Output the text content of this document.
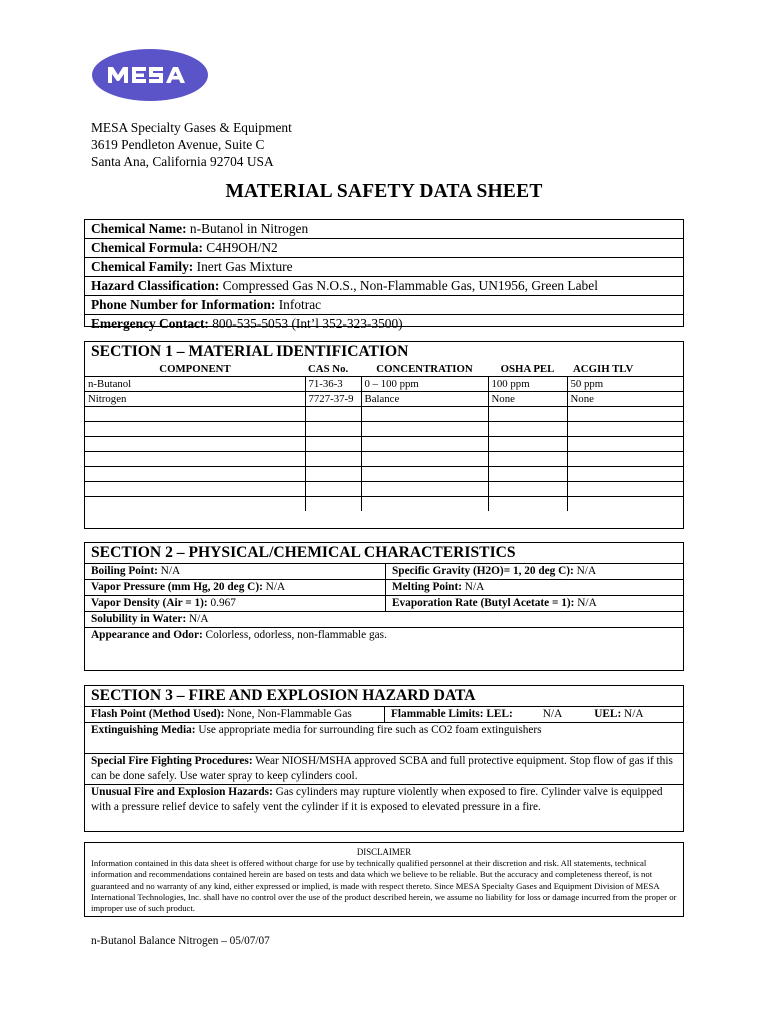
MESA Specialty Gases & Equipment
3619 Pendleton Avenue, Suite C
Santa Ana, California 92704 USA
MATERIAL SAFETY DATA SHEET
Chemical Name: n-Butanol in Nitrogen
Chemical Formula: C4H9OH/N2
Chemical Family: Inert Gas Mixture
Hazard Classification: Compressed Gas N.O.S., Non-Flammable Gas, UN1956, Green Label
Phone Number for Information: Infotrac
Emergency Contact: 800-535-5053 (Int’l 352-323-3500)
SECTION 1 – MATERIAL IDENTIFICATION
COMPONENT	CAS No.	CONCENTRATION	OSHA PEL	ACGIH TLV
n-Butanol	71-36-3	0 – 100 ppm	100 ppm	50 ppm
Nitrogen	7727-37-9	Balance	None	None

SECTION 2 – PHYSICAL/CHEMICAL CHARACTERISTICS
Boiling Point: N/A	Specific Gravity (H2O)= 1, 20 deg C): N/A
Vapor Pressure (mm Hg, 20 deg C): N/A	Melting Point: N/A
Vapor Density (Air = 1): 0.967	Evaporation Rate (Butyl Acetate = 1): N/A
Solubility in Water: N/A
Appearance and Odor: Colorless, odorless, non-flammable gas.
SECTION 3 – FIRE AND EXPLOSION HAZARD DATA
Flash Point (Method Used): None, Non-Flammable Gas	Flammable Limits: LEL:	N/A	UEL: N/A
Extinguishing Media: Use appropriate media for surrounding fire such as CO2 foam extinguishers
Special Fire Fighting Procedures: Wear NIOSH/MSHA approved SCBA and full protective equipment. Stop flow of gas if this can be done safely. Use water spray to keep cylinders cool.
Unusual Fire and Explosion Hazards: Gas cylinders may rupture violently when exposed to fire. Cylinder valve is equipped with a pressure relief device to safely vent the cylinder if it is exposed to elevated pressure in a fire.
DISCLAIMER
Information contained in this data sheet is offered without charge for use by technically qualified personnel at their discretion and risk. All statements, technical information and recommendations contained herein are based on tests and data which we believe to be reliable. But the accuracy and completeness thereof, is not guaranteed and no warranty of any kind, either expressed or implied, is made with respect thereto. Since MESA Specialty Gases and Equipment Division of MESA International Technologies, Inc. shall have no control over the use of the product described herein, we assume no liability for loss or damage incurred from the proper or improper use of such product.
n-Butanol Balance Nitrogen – 05/07/07
